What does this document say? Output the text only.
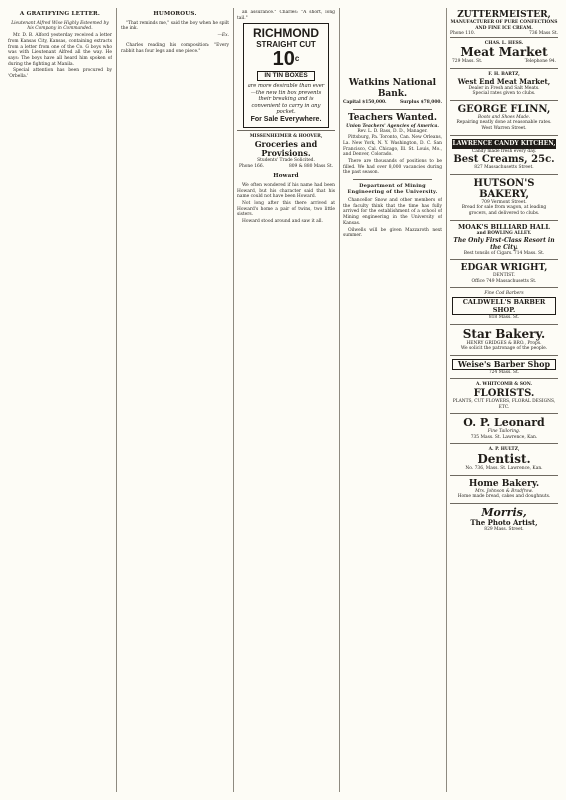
A GRATIFYING LETTER.

Lieutenant Alfred Wise Highly Esteemed by his Company in Commanded.

Mr. D. B. Alford yesterday received a letter from Kansas City, Kansas, containing extracts from a letter from one of the Co. G boys who was with Lieutenant Alfred all the way. He says: The boys have all heard him spoken of during the fighting at Manila.

Special attention has been procured by 'Orbella.'

HUMOROUS.

"That reminds me," said the boy when he spilt the ink.

—Ex.

Charles reading his composition: "Every rabbit has four legs and one piece."

an assurance." Charles: "A short, long tail."

RICHMOND
STRAIGHT CUT
10$^c$
IN TIN BOXES
are more desirable than ever—the new tin box prevents their breaking and is convenient to carry in any pocket.
For Sale Everywhere.
MISSENHEIMER & HOOVER,
Groceries and Provisions.
Students' Trade Solicited.
Phone 166.	809 & 880 Mass St.
Howard

We often wondered if his name had been Howard, but his character said that his name could not have been Howard.

Not long after this there arrived at Howard's home a pair of twins, two little sisters.

Howard stood around and saw it all.

Watkins National Bank.
Capital $150,000.	Surplus $78,000.
Teachers Wanted.
Union Teachers' Agencies of America.
Rev. L. D. Bass, D. D., Manager.

Pittsburg, Pa. Toronto, Can. New Orleans, La. New York, N. Y. Washington, D. C. San Francisco, Cal. Chicago, Ill. St. Louis, Mo., and Denver, Colorado.

There are thousands of positions to be filled. We had over 8,000 vacancies during the past season.

Department of Mining Engineering of the University.

Chancellor Snow and other members of the faculty think that the time has fully arrived for the establishment of a school of Mining engineering in the University of Kansas.

Oilwells will be given Mazzaroth next summer.

ZUTTERMEISTER,
MANUFACTURER OF PURE CONFECTIONS AND FINE ICE CREAM.
Phone 110.	736 Mass St.
CHAS. L. HESS.
Meat Market
729 Mass. St.	Telephone 94.
F. H. BARTZ,
West End Meat Market,
Dealer in Fresh and Salt Meats.
Special rates given to clubs.
GEORGE FLINN,
Boots and Shoes Made.
Repairing neatly done at reasonable rates. West Warren Street.
LAWRENCE CANDY KITCHEN,
Candy made fresh every day.
Best Creams, 25c.
827 Massachusetts Street.
HUTSON'S BAKERY,
709 Vermont Street.
Bread for sale from wagon, at leading grocers, and delivered to clubs.
MOAK'S BILLIARD HALL
and BOWLING ALLEY.
The Only First-Class Resort in the City.
Best tonsils of Cigars. 714 Mass. St.
EDGAR WRIGHT,
DENTIST.
Office 749 Massachusetts St.
Fine Cod Barbers
CALDWELL'S BARBER SHOP.
818 Mass. St.
Star Bakery.
HENRY GRIDGES & BRO., Props.
We solicit the patronage of the people.
Weise's Barber Shop
724 Mass. St.
A. WHITCOMB & SON.
FLORISTS.
PLANTS, CUT FLOWERS, FLORAL DESIGNS, ETC.
O. P. Leonard
Fine Tailoring.
735 Mass. St. Lawrence, Kan.
A. P. HULTZ,
Dentist.
No. 736, Mass. St. Lawrence, Kan.
Home Bakery.
Mrs. Johnson & Bradfrow.
Home made bread, cakes and doughnuts.
Morris,
The Photo Artist,
829 Mass. Street.
